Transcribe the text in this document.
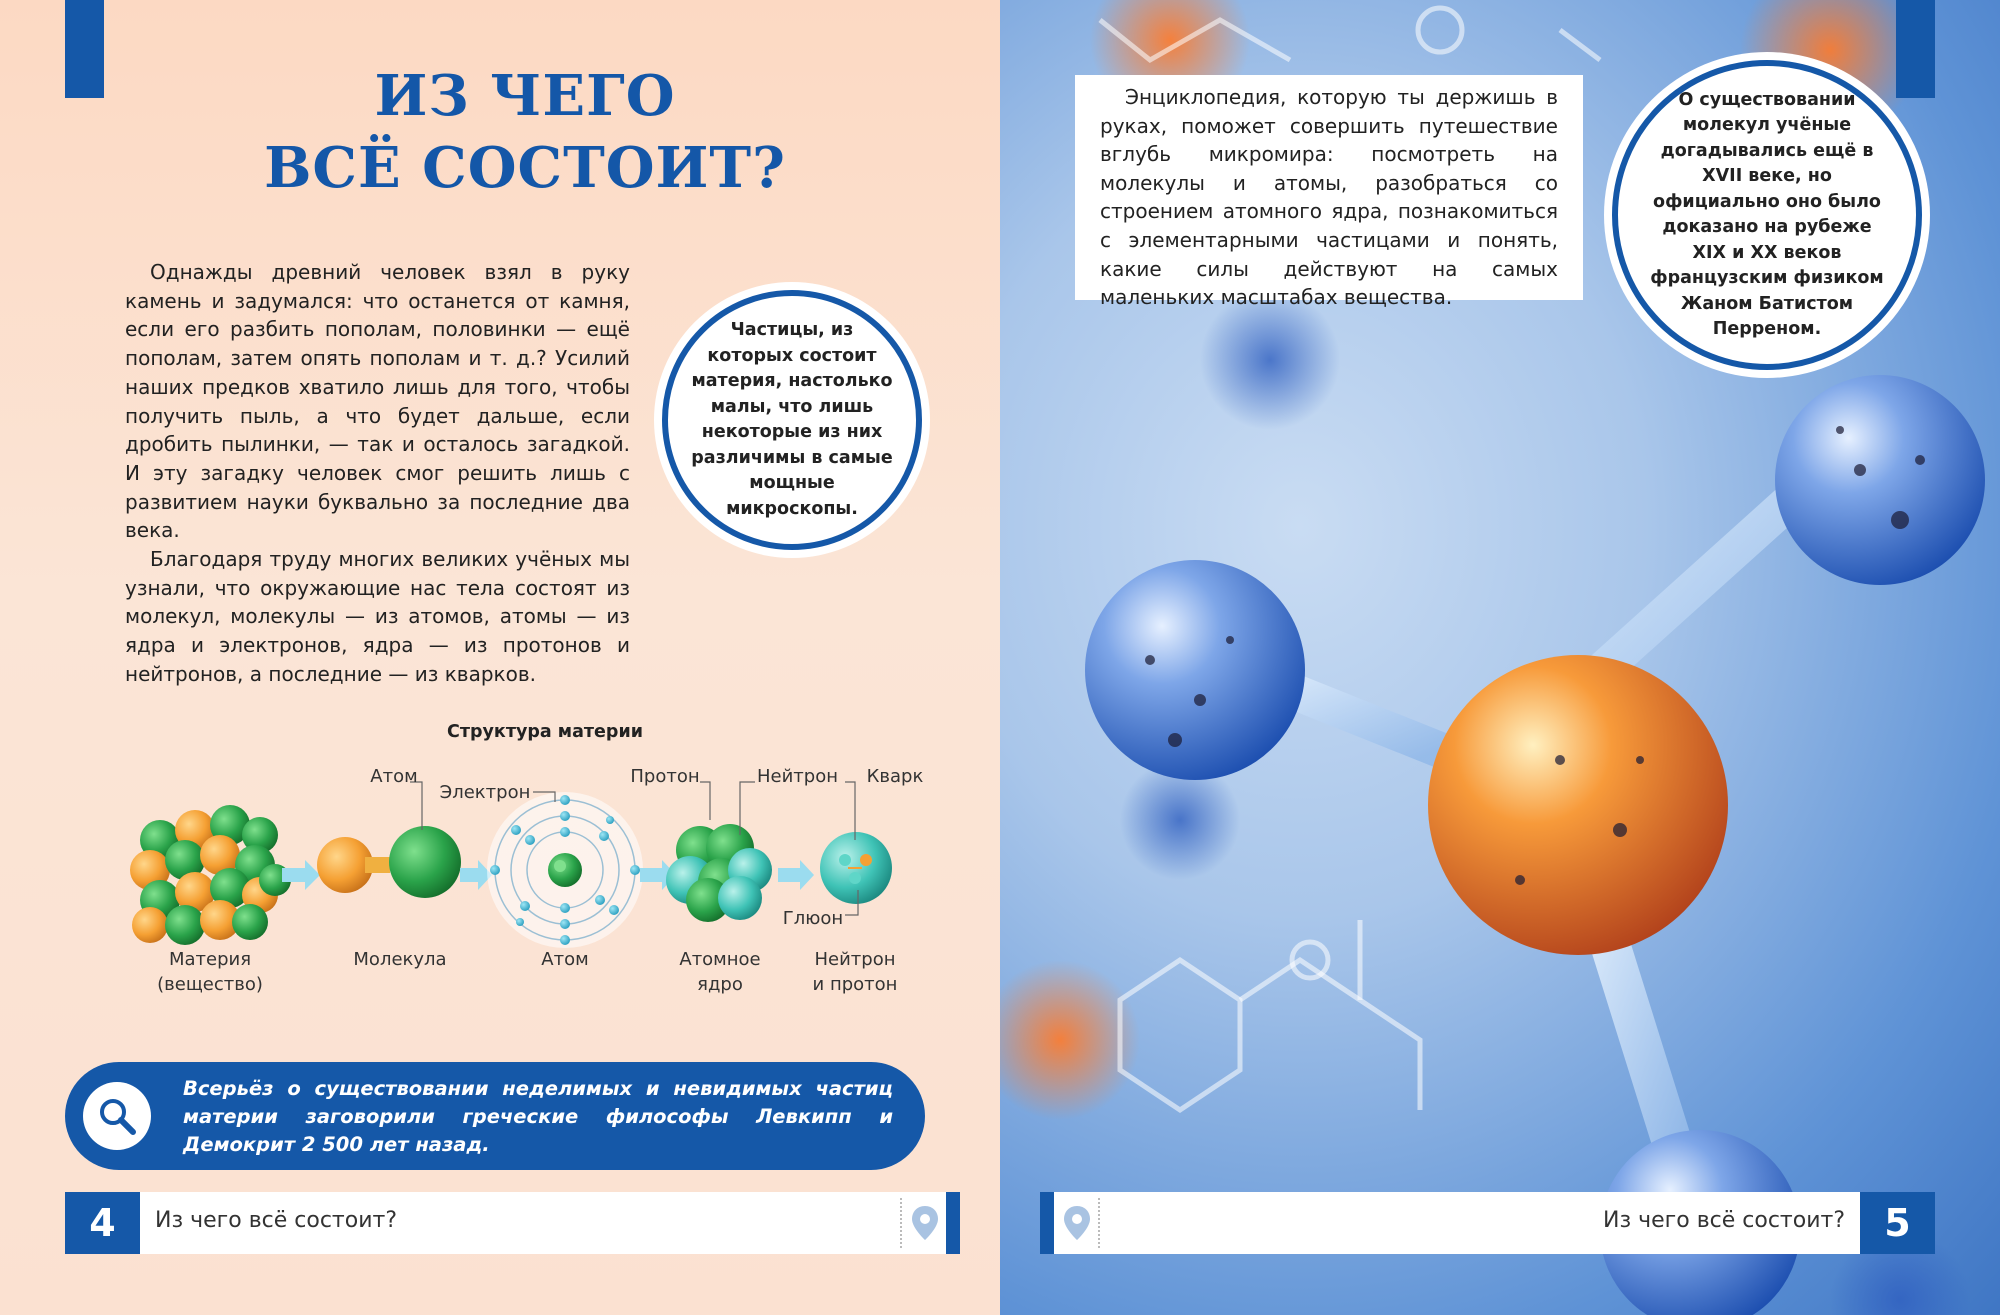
ИЗ ЧЕГО
ВСЁ СОСТОИТ?

Однажды древний человек взял в руку камень и задумался: что останется от камня, если его разбить пополам, половинки — ещё пополам, затем опять пополам и т. д.? Усилий наших предков хватило лишь для того, чтобы получить пыль, а что будет дальше, если дробить пылинки, — так и осталось загадкой. И эту загадку человек смог решить лишь с развитием науки буквально за последние два века.

Благодаря труду многих великих учёных мы узнали, что окружающие нас тела состоят из молекул, молекулы — из атомов, атомы — из ядра и электронов, ядра — из протонов и нейтронов, а последние — из кварков.

Частицы, из которых состоит материя, настолько малы, что лишь некоторые из них различимы в самые мощные микроскопы.
Структура материи
Атом
Электрон
Протон	Нейтрон	Кварк
Глюон
Материя
(вещество)
Молекула	Атом	Атомное
ядро
Нейтрон
и протон
Всерьёз о существовании неделимых и невидимых частиц материи заговорили греческие философы Левкипп и Демокрит 2 500 лет назад.
4	Из чего всё состоит?

Энциклопедия, которую ты держишь в руках, поможет совершить путешествие вглубь микромира: посмотреть на молекулы и атомы, разобраться со строением атомного ядра, познакомиться с элементарными частицами и понять, какие силы действуют на самых маленьких масштабах вещества.

О существовании молекул учёные догадывались ещё в XVII веке, но официально оно было доказано на рубеже XIX и XX веков французским физиком Жаном Батистом Перреном.
Из чего всё состоит?	5
